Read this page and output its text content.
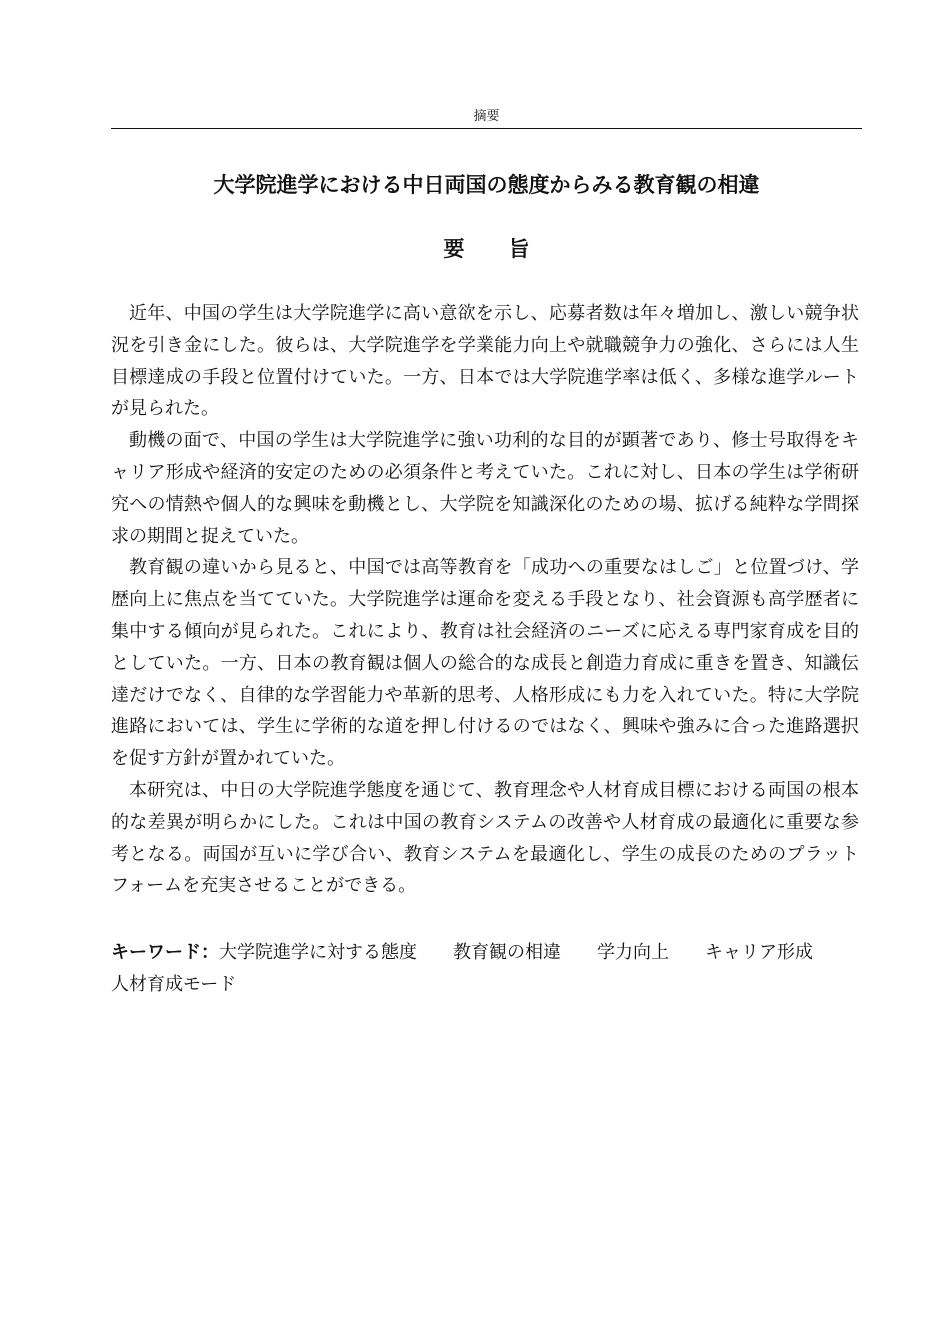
摘要
大学院進学における中日両国の態度からみる教育観の相違
要 旨

近年、中国の学生は大学院進学に高い意欲を示し、応募者数は年々増加し、激しい競争状況を引き金にした。彼らは、大学院進学を学業能力向上や就職競争力の強化、さらには人生目標達成の手段と位置付けていた。一方、日本では大学院進学率は低く、多様な進学ルートが見られた。

動機の面で、中国の学生は大学院進学に強い功利的な目的が顕著であり、修士号取得をキャリア形成や経済的安定のための必須条件と考えていた。これに対し、日本の学生は学術研究への情熱や個人的な興味を動機とし、大学院を知識深化のための場、拡げる純粋な学問探求の期間と捉えていた。

教育観の違いから見ると、中国では高等教育を「成功への重要なはしご」と位置づけ、学歴向上に焦点を当てていた。大学院進学は運命を変える手段となり、社会資源も高学歴者に集中する傾向が見られた。これにより、教育は社会経済のニーズに応える専門家育成を目的としていた。一方、日本の教育観は個人の総合的な成長と創造力育成に重きを置き、知識伝達だけでなく、自律的な学習能力や革新的思考、人格形成にも力を入れていた。特に大学院進路においては、学生に学術的な道を押し付けるのではなく、興味や強みに合った進路選択を促す方針が置かれていた。

本研究は、中日の大学院進学態度を通じて、教育理念や人材育成目標における両国の根本的な差異が明らかにした。これは中国の教育システムの改善や人材育成の最適化に重要な参考となる。両国が互いに学び合い、教育システムを最適化し、学生の成長のためのプラットフォームを充実させることができる。

キーワード：大学院進学に対する態度 教育観の相違 学力向上 キャリア形成人材育成モード
